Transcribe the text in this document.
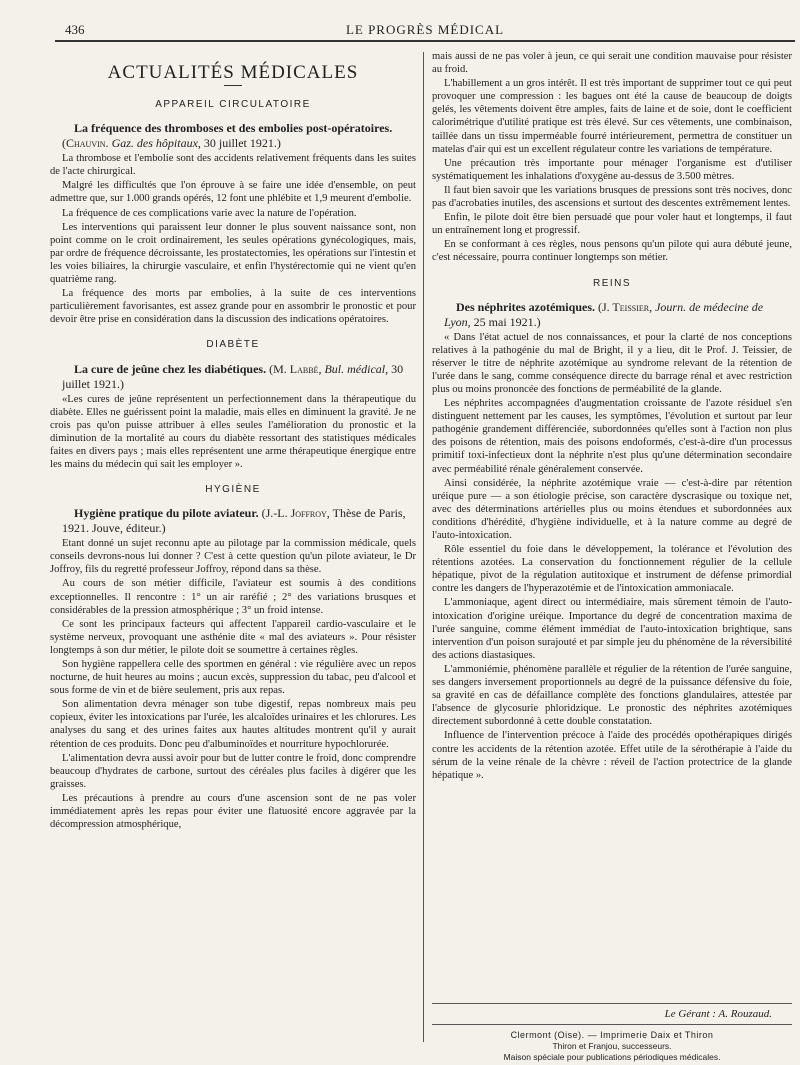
436	LE PROGRÈS MÉDICAL
ACTUALITÉS MÉDICALES
APPAREIL CIRCULATOIRE

La fréquence des thromboses et des embolies post-opératoires. (Chauvin. Gaz. des hôpitaux, 30 juillet 1921.)

La thrombose et l'embolie sont des accidents relativement fréquents dans les suites de l'acte chirurgical.

Malgré les difficultés que l'on éprouve à se faire une idée d'ensemble, on peut admettre que, sur 1.000 grands opérés, 12 font une phlébite et 1,9 meurent d'embolie.

La fréquence de ces complications varie avec la nature de l'opération.

Les interventions qui paraissent leur donner le plus souvent naissance sont, non point comme on le croit ordinairement, les seules opérations gynécologiques, mais, par ordre de fréquence décroissante, les prostatectomies, les opérations sur l'intestin et les voies biliaires, la chirurgie vasculaire, et enfin l'hystérectomie qui ne vient qu'en quatrième rang.

La fréquence des morts par embolies, à la suite de ces interventions particulièrement favorisantes, est assez grande pour en assombrir le pronostic et pour devoir être prise en considération dans la discussion des indications opératoires.

DIABÈTE

La cure de jeûne chez les diabétiques. (M. Labbé, Bul. médical, 30 juillet 1921.)

«Les cures de jeûne représentent un perfectionnement dans la thérapeutique du diabète. Elles ne guérissent point la maladie, mais elles en diminuent la gravité. Je ne crois pas qu'on puisse attribuer à elles seules l'amélioration du pronostic et la diminution de la mortalité au cours du diabète ressortant des statistiques médicales faites en divers pays ; mais elles représentent une arme thérapeutique énergique entre les mains du médecin qui sait les employer ».

HYGIÈNE

Hygiène pratique du pilote aviateur. (J.-L. Joffroy, Thèse de Paris, 1921. Jouve, éditeur.)

Etant donné un sujet reconnu apte au pilotage par la commission médicale, quels conseils devrons-nous lui donner ? C'est à cette question qu'un pilote aviateur, le Dr Joffroy, fils du regretté professeur Joffroy, répond dans sa thèse.

Au cours de son métier difficile, l'aviateur est soumis à des conditions exceptionnelles. Il rencontre : 1° un air raréfié ; 2° des variations brusques et considérables de la pression atmosphérique ; 3° un froid intense.

Ce sont les principaux facteurs qui affectent l'appareil cardio-vasculaire et le système nerveux, provoquant une asthénie dite « mal des aviateurs ». Pour résister longtemps à son dur métier, le pilote doit se soumettre à certaines règles.

Son hygiène rappellera celle des sportmen en général : vie régulière avec un repos nocturne, de huit heures au moins ; aucun excès, suppression du tabac, peu d'alcool et sous forme de vin et de bière seulement, pris aux repas.

Son alimentation devra ménager son tube digestif, repas nombreux mais peu copieux, éviter les intoxications par l'urée, les alcaloïdes urinaires et les chlorures. Les analyses du sang et des urines faites aux hautes altitudes montrent qu'il y aurait rétention de ces produits. Donc peu d'albuminoïdes et nourriture hypochlorurée.

L'alimentation devra aussi avoir pour but de lutter contre le froid, donc comprendre beaucoup d'hydrates de carbone, surtout des céréales plus faciles à digérer que les graisses.

Les précautions à prendre au cours d'une ascension sont de ne pas voler immédiatement après les repas pour éviter une flatuosité encore aggravée par la décompression atmosphérique,

mais aussi de ne pas voler à jeun, ce qui serait une condition mauvaise pour résister au froid.

L'habillement a un gros intérêt. Il est très important de supprimer tout ce qui peut provoquer une compression : les bagues ont été la cause de beaucoup de doigts gelés, les vêtements doivent être amples, faits de laine et de soie, dont le coefficient calorimétrique d'utilité pratique est très élevé. Sur ces vêtements, une combinaison, taillée dans un tissu imperméable fourré intérieurement, permettra de constituer un matelas d'air qui est un excellent régulateur contre les variations de température.

Une précaution très importante pour ménager l'organisme est d'utiliser systématiquement les inhalations d'oxygène au-dessus de 3.500 mètres.

Il faut bien savoir que les variations brusques de pressions sont très nocives, donc pas d'acrobaties inutiles, des ascensions et surtout des descentes extrêmement lentes.

Enfin, le pilote doit être bien persuadé que pour voler haut et longtemps, il faut un entraînement long et progressif.

En se conformant à ces règles, nous pensons qu'un pilote qui aura débuté jeune, c'est nécessaire, pourra continuer longtemps son métier.

REINS

Des néphrites azotémiques. (J. Teissier, Journ. de médecine de Lyon, 25 mai 1921.)

« Dans l'état actuel de nos connaissances, et pour la clarté de nos conceptions relatives à la pathogénie du mal de Bright, il y a lieu, dit le Prof. J. Teissier, de réserver le titre de néphrite azotémique au syndrome relevant de la rétention de l'urée dans le sang, comme conséquence directe du barrage rénal et avec restriction plus ou moins prononcée des fonctions de perméabilité de la glande.

Les néphrites accompagnées d'augmentation croissante de l'azote résiduel s'en distinguent nettement par les causes, les symptômes, l'évolution et surtout par leur pathogénie grandement différenciée, subordonnées qu'elles sont à l'action non plus des poisons de rétention, mais des poisons endoformés, c'est-à-dire d'un processus primitif toxi-infectieux dont la néphrite n'est plus qu'une détermination secondaire avec perméabilité rénale généralement conservée.

Ainsi considérée, la néphrite azotémique vraie — c'est-à-dire par rétention uréique pure — a son étiologie précise, son caractère dyscrasique ou toxique net, avec des déterminations artérielles plus ou moins étendues et subordonnées aux conditions d'hérédité, d'hygiène individuelle, et à la nature comme au degré de l'auto-intoxication.

Rôle essentiel du foie dans le développement, la tolérance et l'évolution des rétentions azotées. La conservation du fonctionnement régulier de la cellule hépatique, pivot de la régulation autitoxique et instrument de défense primordial contre les dangers de l'hyperazotémie et de l'intoxication ammoniacale.

L'ammoniaque, agent direct ou intermédiaire, mais sûrement témoin de l'auto-intoxication d'origine uréique. Importance du degré de concentration maxima de l'urée sanguine, comme élément immédiat de l'auto-intoxication brightique, sans intervention d'un poison surajouté et par simple jeu du phénomène de la réversibilité des actions diastasiques.

L'ammoniémie, phénomène parallèle et régulier de la rétention de l'urée sanguine, ses dangers inversement proportionnels au degré de la puissance défensive du foie, sa gravité en cas de défaillance complète des fonctions glandulaires, attestée par l'absence de glycosurie phloridzique. Le pronostic des néphrites azotémiques directement subordonné à cette double constatation.

Influence de l'intervention précoce à l'aide des procédés opothérapiques dirigés contre les accidents de la rétention azotée. Effet utile de la sérothérapie à l'aide du sérum de la veine rénale de la chèvre : réveil de l'action protectrice de la glande hépatique ».

Le Gérant : A. Rouzaud.
Clermont (Oise). — Imprimerie Daix et Thiron
Thiron et Franjou, successeurs.
Maison spéciale pour publications périodiques médicales.
